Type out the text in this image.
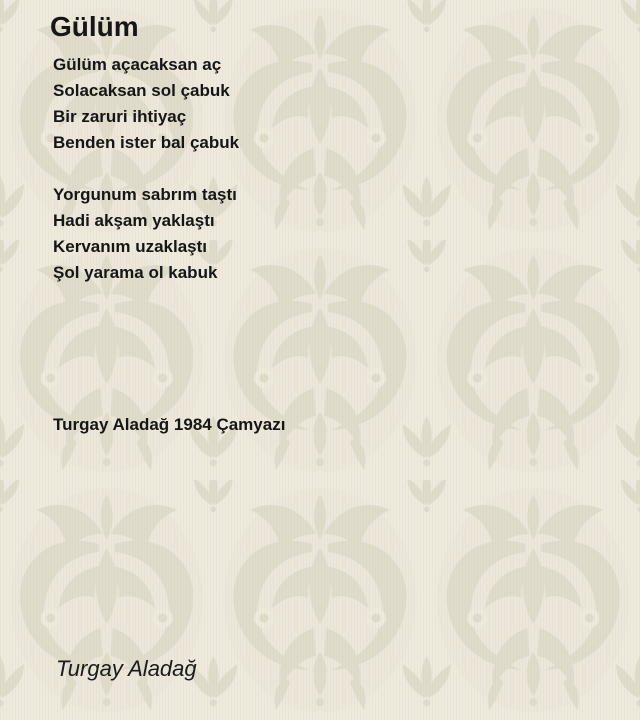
Gülüm
Gülüm açacaksan aç
Solacaksan sol çabuk
Bir zaruri ihtiyaç
Benden ister bal çabuk
Yorgunum sabrım taştı
Hadi akşam yaklaştı
Kervanım uzaklaştı
Şol yarama ol kabuk
Turgay Aladağ 1984 Çamyazı
Turgay Aladağ
